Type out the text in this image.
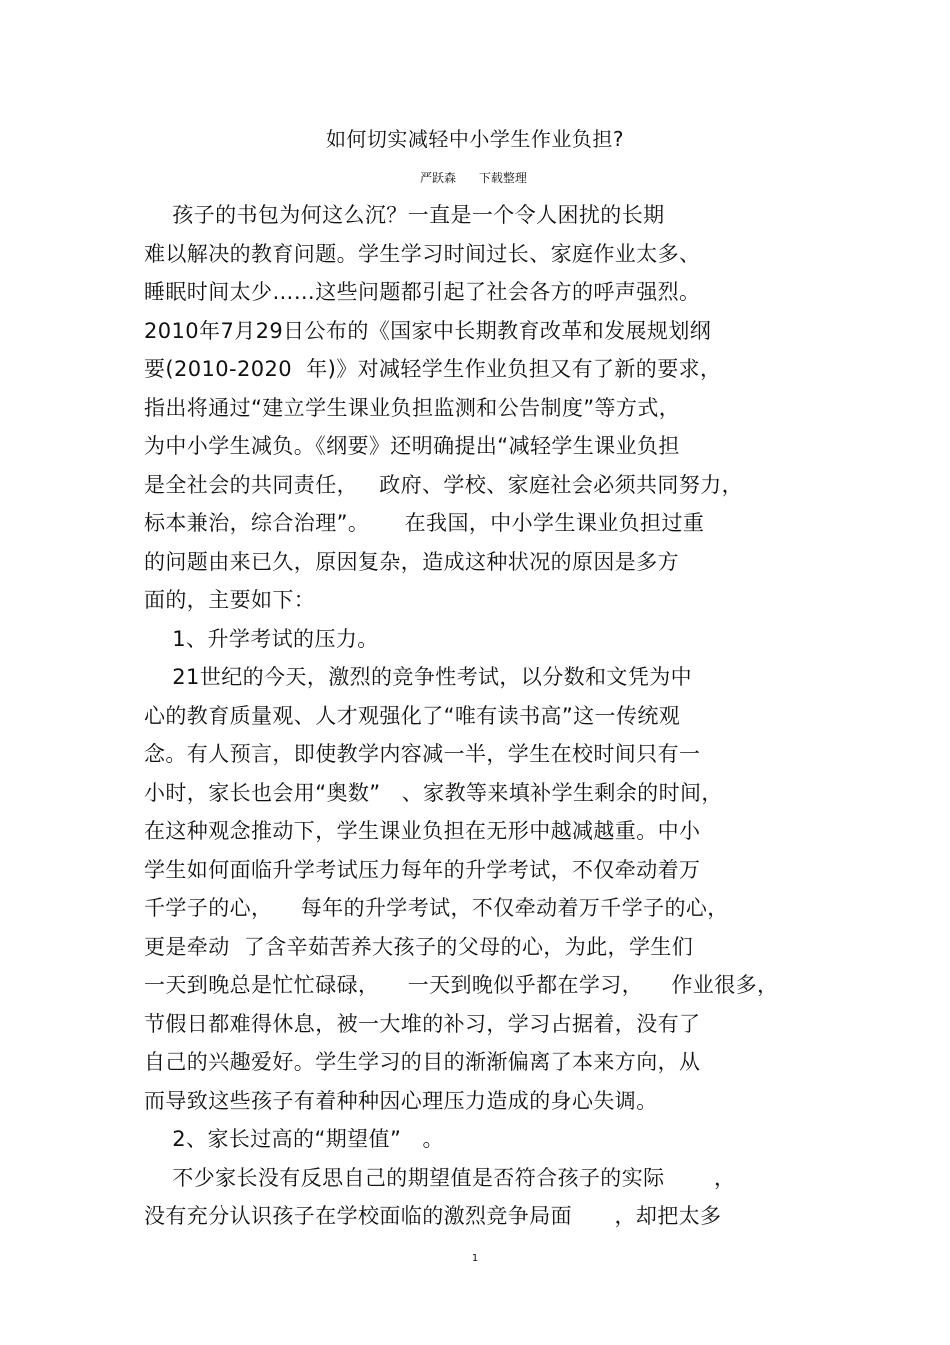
如何切实减轻中小学生作业负担?

严跃森      下载整理

孩子的书包为何这么沉？一直是一个令人困扰的长期
难以解决的教育问题。学生学习时间过长、家庭作业太多、
睡眠时间太少……这些问题都引起了社会各方的呼声强烈。
2010年7月29日公布的《国家中长期教育改革和发展规划纲
要(2010-2020  年)》对减轻学生作业负担又有了新的要求，
指出将通过“建立学生课业负担监测和公告制度”等方式，
为中小学生减负。《纲要》还明确提出“减轻学生课业负担
是全社会的共同责任，   政府、学校、家庭社会必须共同努力，
标本兼治，综合治理”。     在我国，中小学生课业负担过重
的问题由来已久，原因复杂，造成这种状况的原因是多方
面的，主要如下：
1、升学考试的压力。
21世纪的今天，激烈的竞争性考试，以分数和文凭为中
心的教育质量观、人才观强化了“唯有读书高”这一传统观
念。有人预言，即使教学内容减一半，学生在校时间只有一
小时，家长也会用“奥数”   、家教等来填补学生剩余的时间，
在这种观念推动下，学生课业负担在无形中越减越重。中小
学生如何面临升学考试压力每年的升学考试，不仅牵动着万
千学子的心，    每年的升学考试，不仅牵动着万千学子的心，
更是牵动  了含辛茹苦养大孩子的父母的心，为此，学生们
一天到晚总是忙忙碌碌，    一天到晚似乎都在学习，    作业很多，
节假日都难得休息，被一大堆的补习，学习占据着，没有了
自己的兴趣爱好。学生学习的目的渐渐偏离了本来方向，从
而导致这些孩子有着种种因心理压力造成的身心失调。
2、家长过高的“期望值”   。
不少家长没有反思自己的期望值是否符合孩子的实际       ，
没有充分认识孩子在学校面临的激烈竞争局面      ，却把太多

1
